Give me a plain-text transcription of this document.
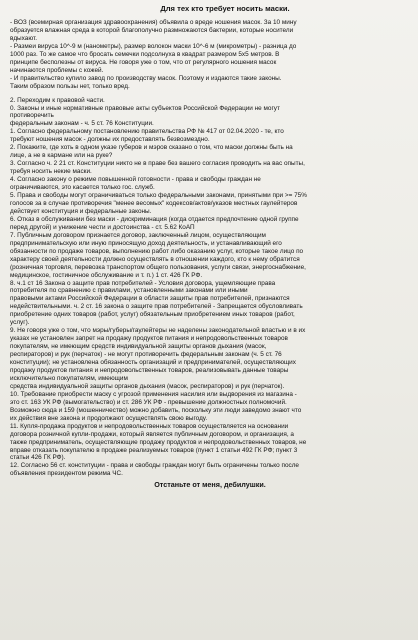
Для тех кто требует носить маски.
- ВОЗ (всемирная организация здравоохранения) объявила о вреде ношения масок. За 10 мину
образуется влажная среда в которой благополучно размножаются бактерии, которые носители
вдыхают.
- Размеи вируса 10^-9 м (нанометры), размер волокон маски 10^-6 м (микрометры) - разница до
1000 раз. То же самое что бросать семечки подсолнуха в квадрат размером 5х5 метров. В
принципе бесполезны от вируса. Не говоря уже о том, что от регулярного ношения масок
начинаются проблемы с кожей.
- И правительство купило завод по производству масок. Поэтому и издаются такие законы.
Таким образом пользы нет, только вред.
2. Переходим к правовой части.
0. Законы и иные нормативные правовые акты субъектов Российской Федерации не могут
противоречить
федеральным законам - ч. 5 ст. 76 Конституции.
1. Согласно федеральному постановлению правительства РФ № 417 от 02.04.2020 - те, кто
требуют ношения масок - должны их предоставлять безвозмездно.
2. Покажите, где хоть в одном указе губеров и мэров сказано о том, что маски должны быть на
лице, а не в кармане или на руке?
3. Согласно ч. 2 21 ст. Конституции никто не в праве без вашего согласия проводить на вас опыты,
требуя носить некие маски.
4. Согласно закону о режиме повышенной готовности - права и свободы граждан не
ограничиваются, это касается только гос. служб.
5. Права и свободы могут ограничиваться только федеральными законами, принятыми при >= 75%
голосов за в случае противоречия "менее весомых" кодексов/актов/указов местных гаулейтеров
действует конституция и федеральные законы.
6. Отказ в обслуживании без маски - дискриминация (когда отдается предпочтение одной группе
перед другой) и унижение чести и достоинства - ст. 5.62 КоАП
7. Публичным договором признается договор, заключенный лицом, осуществляющим
предпринимательскую или иную приносящую доход деятельность, и устанавливающий его
обязанности по продаже товаров, выполнению работ либо оказанию услуг, которые такое лицо по
характеру своей деятельности должно осуществлять в отношении каждого, кто к нему обратится
(розничная торговля, перевозка транспортом общего пользования, услуги связи, энергоснабжение,
медицинское, гостиничное обслуживание и т. п.) 1 ст. 426 ГК РФ.
8. ч.1 ст 16 Закона о защите прав потребителей - Условия договора, ущемляющие права
потребителя по сравнению с правилами, установленными законами или иными
правовыми актами Российской Федерации в области защиты прав потребителей, признаются
недействительными. ч. 2 ст. 16 закона о защите прав потребителей - Запрещается обусловливать
приобретение одних товаров (работ, услуг) обязательным приобретением иных товаров (работ,
услуг).
9. Не говоря уже о том, что мэры/губеры/гаулейтеры не наделены законодательной властью и в их
указах не установлен запрет на продажу продуктов питания и непродовольственных товаров
покупателям, не имеющим средств индивидуальной защиты органов дыхания (масок,
респираторов) и рук (перчаток) - не могут противоречить федеральным законам (ч. 5 ст. 76
конституции); не установлена обязанность организаций и предпринимателей, осуществляющих
продажу продуктов питания и непродовольственных товаров, реализовывать данные товары
исключительно покупателям, имеющим
средства индивидуальной защиты органов дыхания (масок, респираторов) и рук (перчаток).
10. Требование приобрести маску с угрозой применения насилия или выдворения из магазина -
это ст. 163 УК РФ (вымогательство) и ст. 286 УК РФ - превышение должностных полномочий.
Возможно сюда и 159 (мошенничество) можно добавить, поскольку эти люди заведомо знают что
их действия вне закона и продолжают осуществлять свою выгоду.
11. Купля-продажа продуктов и непродовольственных товаров осуществляется на основании
договора розничной купли-продажи, который является публичным договором, и организация, а
также предприниматель, осуществляющие продажу продуктов и непродовольственных товаров, не
вправе отказать покупателю в продаже реализуемых товаров (пункт 1 статьи 492 ГК РФ; пункт 3
статьи 426 ГК РФ).
12. Согласно 56 ст. конституции - права и свободы граждан могут быть ограничены только после
объявления президентом режима ЧС.
Отстаньте от меня, дебилушки.
